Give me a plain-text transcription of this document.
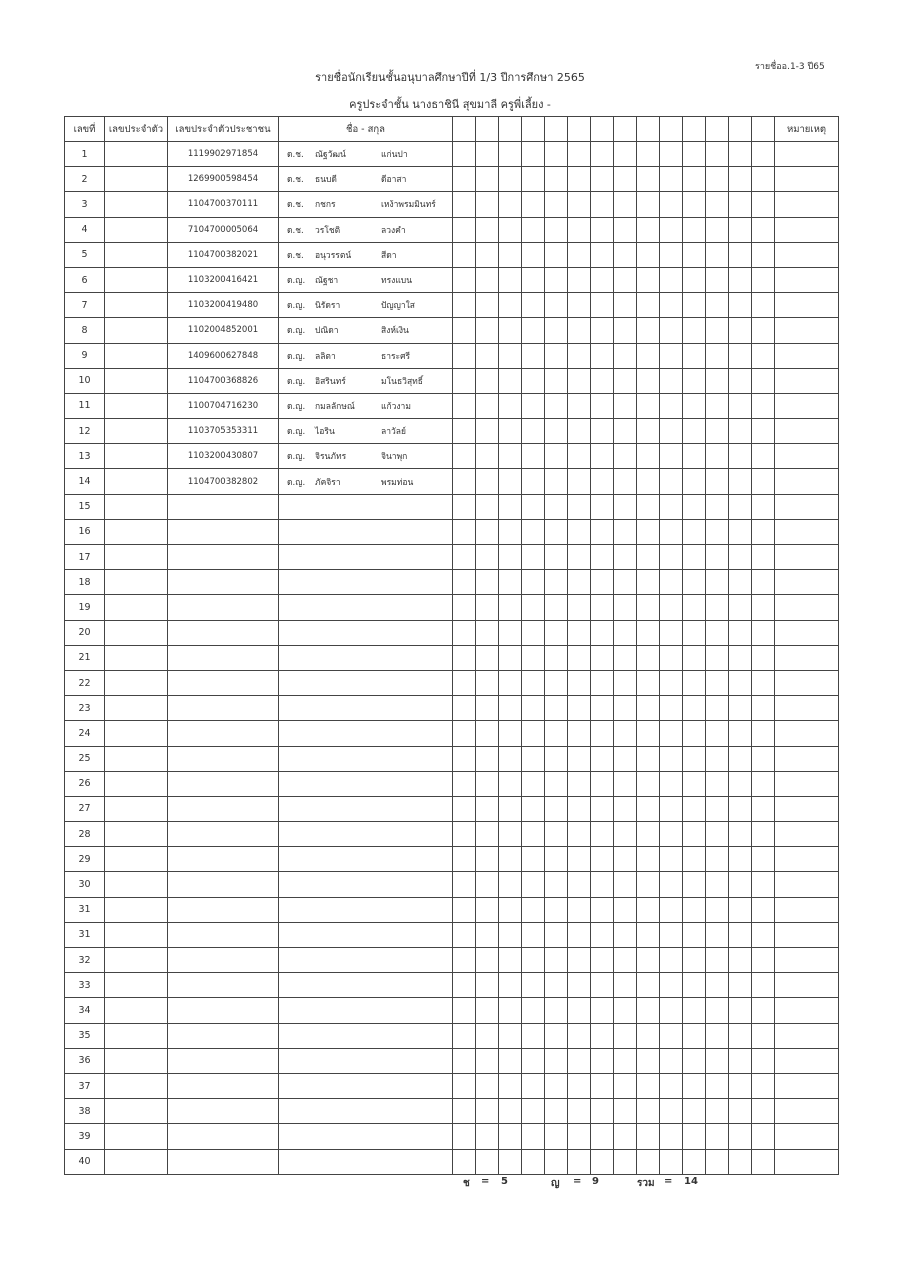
รายชื่ออ.1-3 ปี65
รายชื่อนักเรียนชั้นอนุบาลศึกษาปีที่ 1/3 ปีการศึกษา 2565
ครูประจำชั้น นางธาชินี สุขมาลี ครูพี่เลี้ยง -
เลขที่	เลขประจำตัว	เลขประจำตัวประชาชน	ชื่อ - สกุล															หมายเหตุ
1		1119902971854	ด.ช. ณัฐวัฒน์ แก่นปา															
2		1269900598454	ด.ช. ธนบดี ดีอาสา															
3		1104700370111	ด.ช. กชกร เหง้าพรมมินทร์															
4		7104700005064	ด.ช. วรโชติ ลวงคำ															
5		1104700382021	ด.ช. อนุวรรตน์ สีดา															
6		1103200416421	ด.ญ. ณัฐชา ทรงแบน															
7		1103200419480	ด.ญ. นิรัดรา ปัญญาใส															
8		1102004852001	ด.ญ. ปณิดา สิงห์เงิน															
9		1409600627848	ด.ญ. ลลิตา ธาระศรี															
10		1104700368826	ด.ญ. อิสรินทร์ มโนธวิสุทธิ์															
11		1100704716230	ด.ญ. กมลลักษณ์ แก้วงาม															
12		1103705353311	ด.ญ. ไอริน ลาวัลย์															
13		1103200430807	ด.ญ. จิรนภัทร จินาพุก															
14		1104700382802	ด.ญ. ภัคจิรา พรมท่อน															
15																		
16																		
17																		
18																		
19																		
20																		
21																		
22																		
23																		
24																		
25																		
26																		
27																		
28																		
29																		
30																		
31																		
31																		
32																		
33																		
34																		
35																		
36																		
37																		
38																		
39																		
40																		
ช = 5	ญ = 9	รวม = 14
